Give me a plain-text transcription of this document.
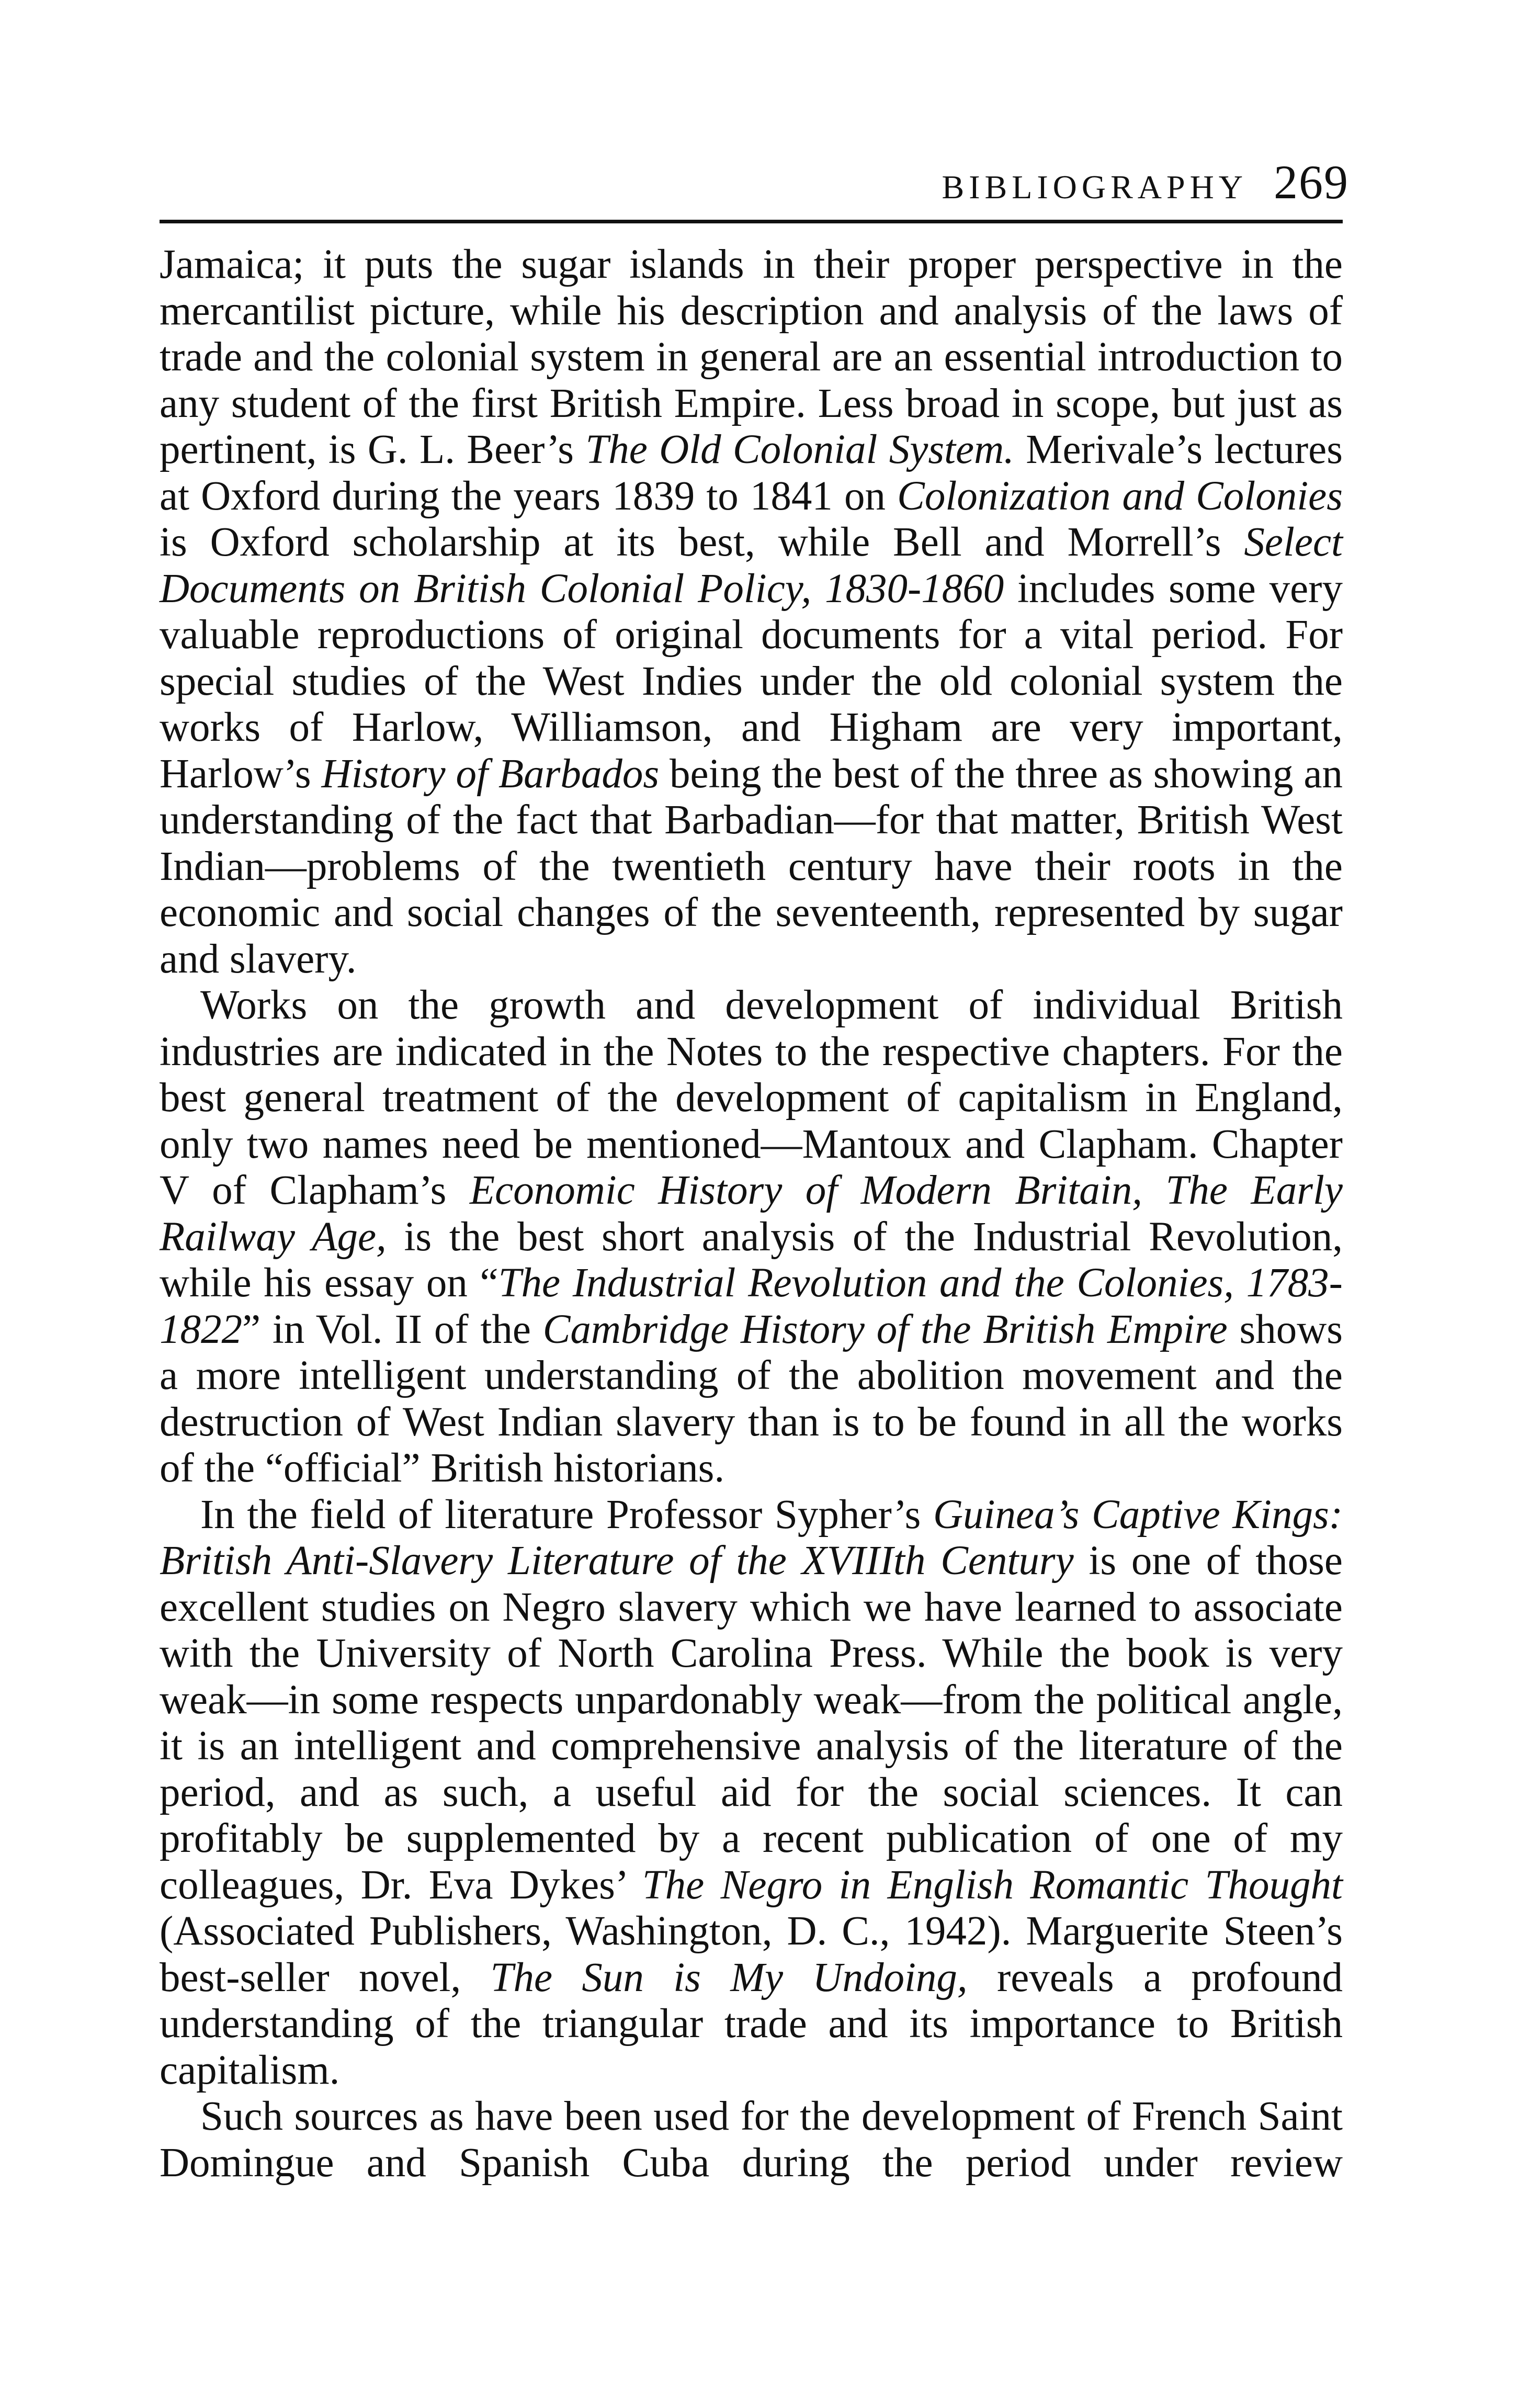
BIBLIOGRAPHY 269

Jamaica; it puts the sugar islands in their proper perspective in the mercantilist picture, while his description and analysis of the laws of trade and the colonial system in general are an essential introduction to any student of the first British Empire. Less broad in scope, but just as pertinent, is G. L. Beer’s The Old Colonial System. Merivale’s lectures at Oxford during the years 1839 to 1841 on Colonization and Colonies is Oxford scholarship at its best, while Bell and Morrell’s Select Documents on British Colonial Policy, 1830-1860 includes some very valuable reproductions of original documents for a vital period. For special studies of the West Indies under the old colonial system the works of Harlow, Williamson, and Higham are very important, Harlow’s History of Barbados being the best of the three as showing an understanding of the fact that Barbadian—for that matter, British West Indian—problems of the twentieth century have their roots in the economic and social changes of the seventeenth, represented by sugar and slavery.

Works on the growth and development of individual British industries are indicated in the Notes to the respective chapters. For the best general treatment of the development of capitalism in England, only two names need be mentioned—Mantoux and Clapham. Chapter V of Clapham’s Economic History of Modern Britain, The Early Railway Age, is the best short analysis of the Industrial Revolution, while his essay on “The Industrial Revolution and the Colonies, 1783-1822” in Vol. II of the Cambridge History of the British Empire shows a more intelligent understanding of the abolition movement and the destruction of West Indian slavery than is to be found in all the works of the “official” British historians.

In the field of literature Professor Sypher’s Guinea’s Captive Kings: British Anti-Slavery Literature of the XVIIIth Century is one of those excellent studies on Negro slavery which we have learned to associate with the University of North Carolina Press. While the book is very weak—in some respects unpardonably weak—from the political angle, it is an intelligent and comprehensive analysis of the literature of the period, and as such, a useful aid for the social sciences. It can profitably be supplemented by a recent publication of one of my colleagues, Dr. Eva Dykes’ The Negro in English Romantic Thought (Associated Publishers, Washington, D. C., 1942). Marguerite Steen’s best-seller novel, The Sun is My Undoing, reveals a profound understanding of the triangular trade and its importance to British capitalism.

Such sources as have been used for the development of French Saint Domingue and Spanish Cuba during the period under review
